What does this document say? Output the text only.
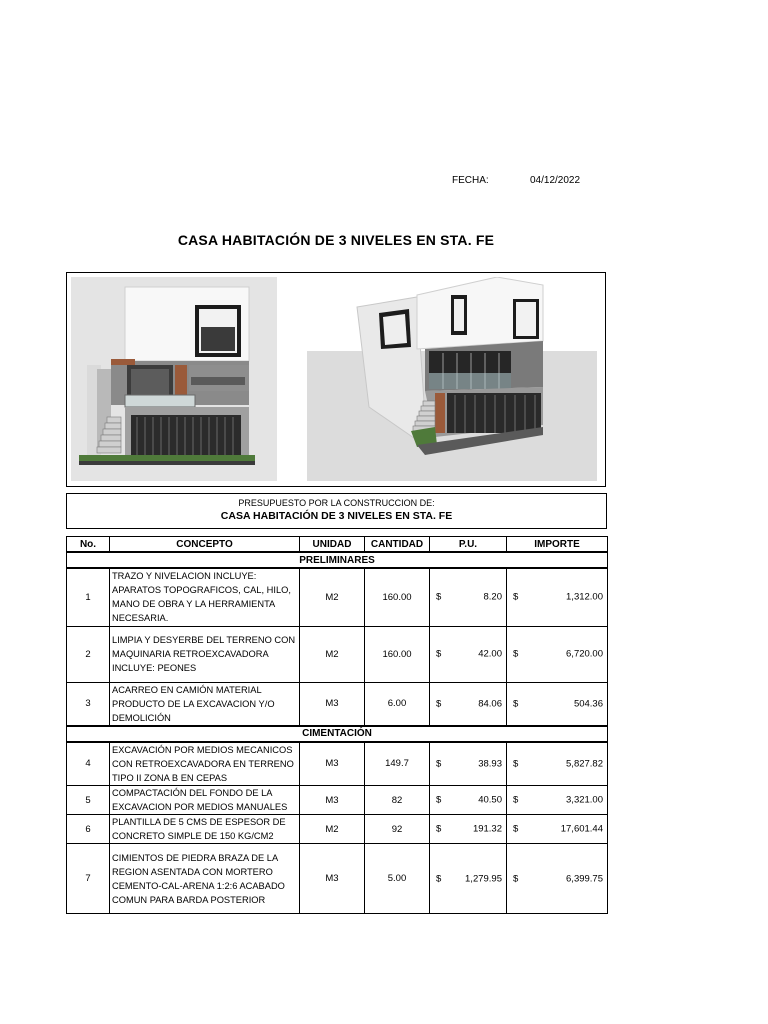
FECHA:	04/12/2022
CASA HABITACIÓN DE 3 NIVELES EN STA. FE
PRESUPUESTO POR LA CONSTRUCCION DE:
CASA HABITACIÓN DE 3 NIVELES EN STA. FE
No.	CONCEPTO	UNIDAD	CANTIDAD	P.U.	IMPORTE
PRELIMINARES					
1	TRAZO Y NIVELACION INCLUYE: APARATOS TOPOGRAFICOS, CAL, HILO, MANO DE OBRA Y LA HERRAMIENTA NECESARIA.	M2	160.00	$ 8.20	$ 1,312.00

2	LIMPIA Y DESYERBE DEL TERRENO CON MAQUINARIA RETROEXCAVADORA INCLUYE: PEONES	M2	160.00	$ 42.00	$ 6,720.00

3	ACARREO EN CAMIÓN MATERIAL PRODUCTO DE LA EXCAVACION Y/O DEMOLICIÓN	M3	6.00	$ 84.06	$ 504.36

CIMENTACIÓN					
4	EXCAVACIÓN POR MEDIOS MECANICOS CON RETROEXCAVADORA EN TERRENO TIPO II ZONA B EN CEPAS	M3	149.7	$ 38.93	$ 5,827.82

5	COMPACTACIÓN DEL FONDO DE LA EXCAVACION POR MEDIOS MANUALES	M3	82	$ 40.50	$ 3,321.00

6	PLANTILLA DE 5 CMS DE ESPESOR DE CONCRETO SIMPLE DE 150 KG/CM2	M2	92	$ 191.32	$ 17,601.44

7	CIMIENTOS DE PIEDRA BRAZA DE LA REGION ASENTADA CON MORTERO CEMENTO-CAL-ARENA 1:2:6 ACABADO COMUN PARA BARDA POSTERIOR	M3	5.00	$ 1,279.95	$ 6,399.75
